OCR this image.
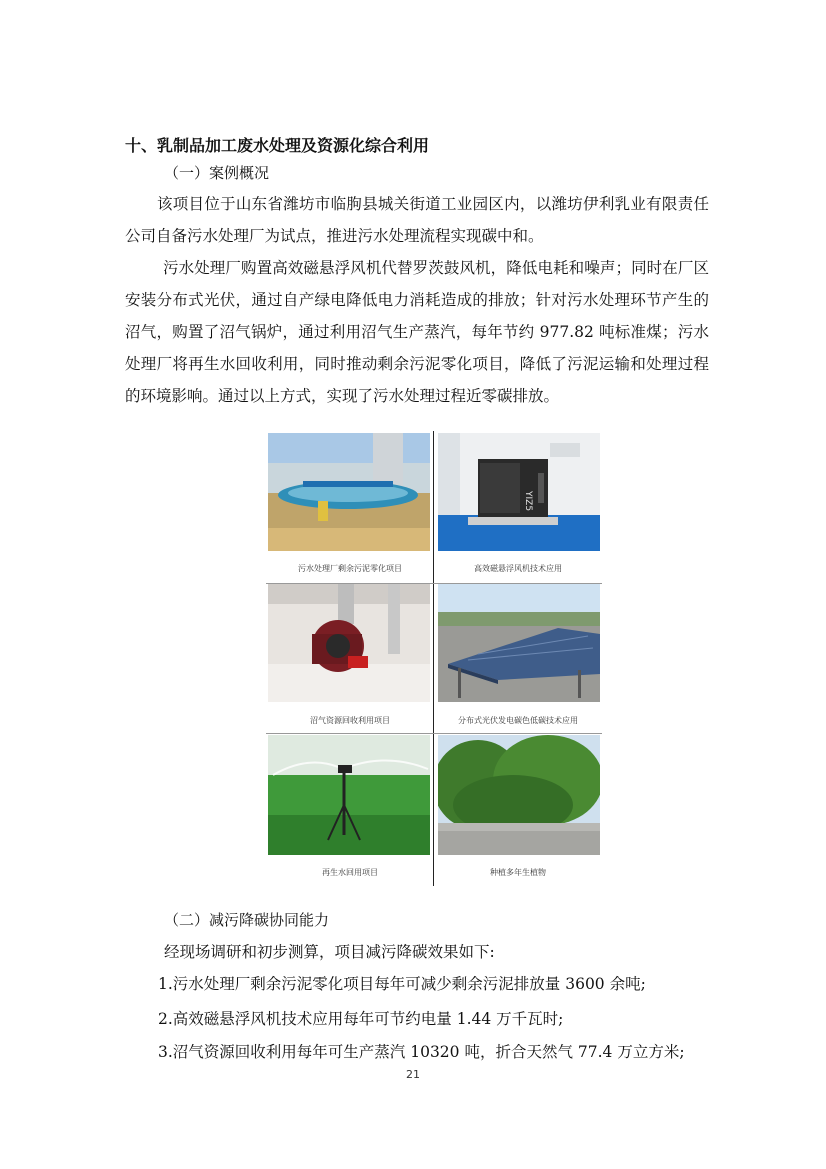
十、乳制品加工废水处理及资源化综合利用
（一）案例概况
该项目位于山东省潍坊市临朐县城关街道工业园区内，以潍坊伊利乳业有限责任公司自备污水处理厂为试点，推进污水处理流程实现碳中和。
污水处理厂购置高效磁悬浮风机代替罗茨鼓风机，降低电耗和噪声；同时在厂区安装分布式光伏，通过自产绿电降低电力消耗造成的排放；针对污水处理环节产生的沼气，购置了沼气锅炉，通过利用沼气生产蒸汽，每年节约 977.82 吨标准煤；污水处理厂将再生水回收利用，同时推动剩余污泥零化项目，降低了污泥运输和处理过程的环境影响。通过以上方式，实现了污水处理过程近零碳排放。
污水处理厂剩余污泥零化项目
YIZ5
高效磁悬浮风机技术应用
沼气资源回收利用项目	分布式光伏发电碳色低碳技术应用
再生水回用项目	种植多年生植物
（二）减污降碳协同能力
经现场调研和初步测算，项目减污降碳效果如下:
1.污水处理厂剩余污泥零化项目每年可减少剩余污泥排放量 3600 余吨;
2.高效磁悬浮风机技术应用每年可节约电量 1.44 万千瓦时;
3.沼气资源回收利用每年可生产蒸汽 10320 吨，折合天然气 77.4 万立方米;
21
